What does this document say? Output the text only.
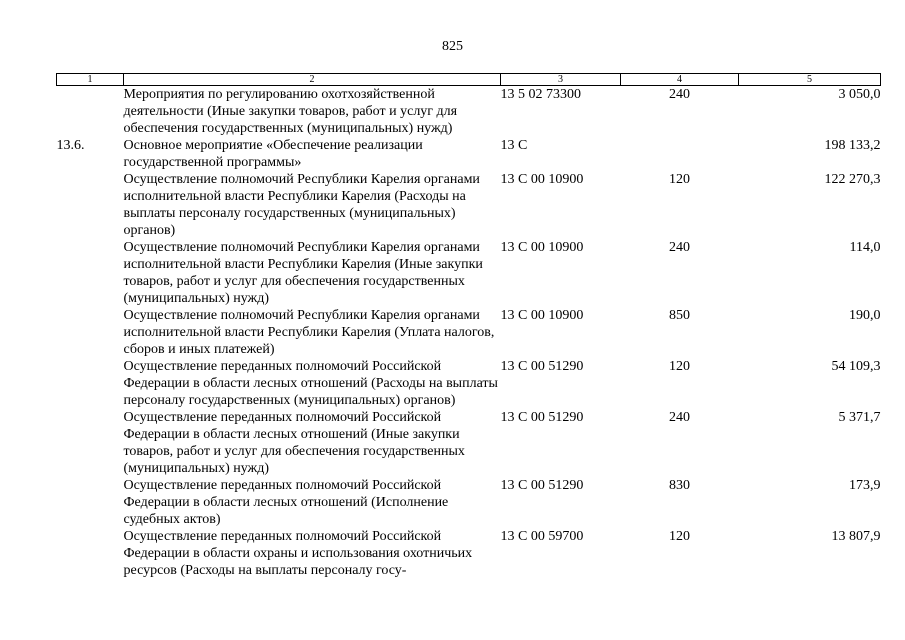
825
1	2	3	4	5
	Мероприятия по регулированию охотхозяйственной деятельности (Иные закупки товаров, работ и услуг для обеспечения государственных (муниципальных) нужд)	13 5 02 73300	240	3 050,0
13.6.	Основное мероприятие «Обеспечение реализации государственной программы»	13 С		198 133,2
	Осуществление полномочий Республики Карелия органами исполнительной власти Республики Карелия (Расходы на выплаты персоналу государственных (муниципальных) органов)	13 С 00 10900	120	122 270,3
	Осуществление полномочий Республики Карелия органами исполнительной власти Республики Карелия (Иные закупки товаров, работ и услуг для обеспечения государственных (муниципальных) нужд)	13 С 00 10900	240	114,0
	Осуществление полномочий Республики Карелия органами исполнительной власти Республики Карелия (Уплата налогов, сборов и иных платежей)	13 С 00 10900	850	190,0
	Осуществление переданных полномочий Российской Федерации в области лесных отношений (Расходы на выплаты персоналу государственных (муниципальных) органов)	13 С 00 51290	120	54 109,3
	Осуществление переданных полномочий Российской Федерации в области лесных отношений (Иные закупки товаров, работ и услуг для обеспечения государственных (муниципальных) нужд)	13 С 00 51290	240	5 371,7
	Осуществление переданных полномочий Российской Федерации в области лесных отношений (Исполнение судебных актов)	13 С 00 51290	830	173,9
	Осуществление переданных полномочий Российской Федерации в области охраны и использования охотничьих ресурсов (Расходы на выплаты персоналу госу-	13 С 00 59700	120	13 807,9
